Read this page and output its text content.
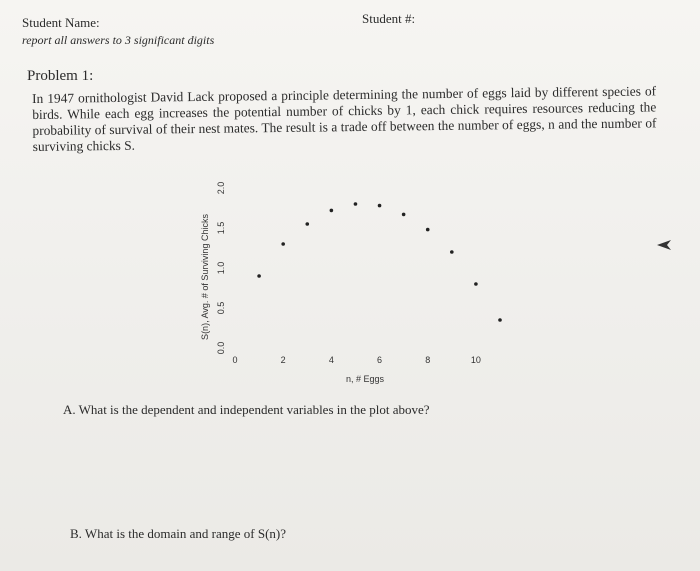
Student Name:	Student #:
report all answers to 3 significant digits
Problem 1:
In 1947 ornithologist David Lack proposed a principle determining the number of eggs laid by different species of birds. While each egg increases the potential number of chicks by 1, each chick requires resources reducing the probability of survival of their nest mates. The result is a trade off between the number of eggs, n and the number of surviving chicks S.
0	2	4	6	8	10
0.0
0.5
1.0
1.5
2.0
n, # Eggs
S(n), Avg. # of Surviving Chicks
A. What is the dependent and independent variables in the plot above?
B. What is the domain and range of S(n)?
